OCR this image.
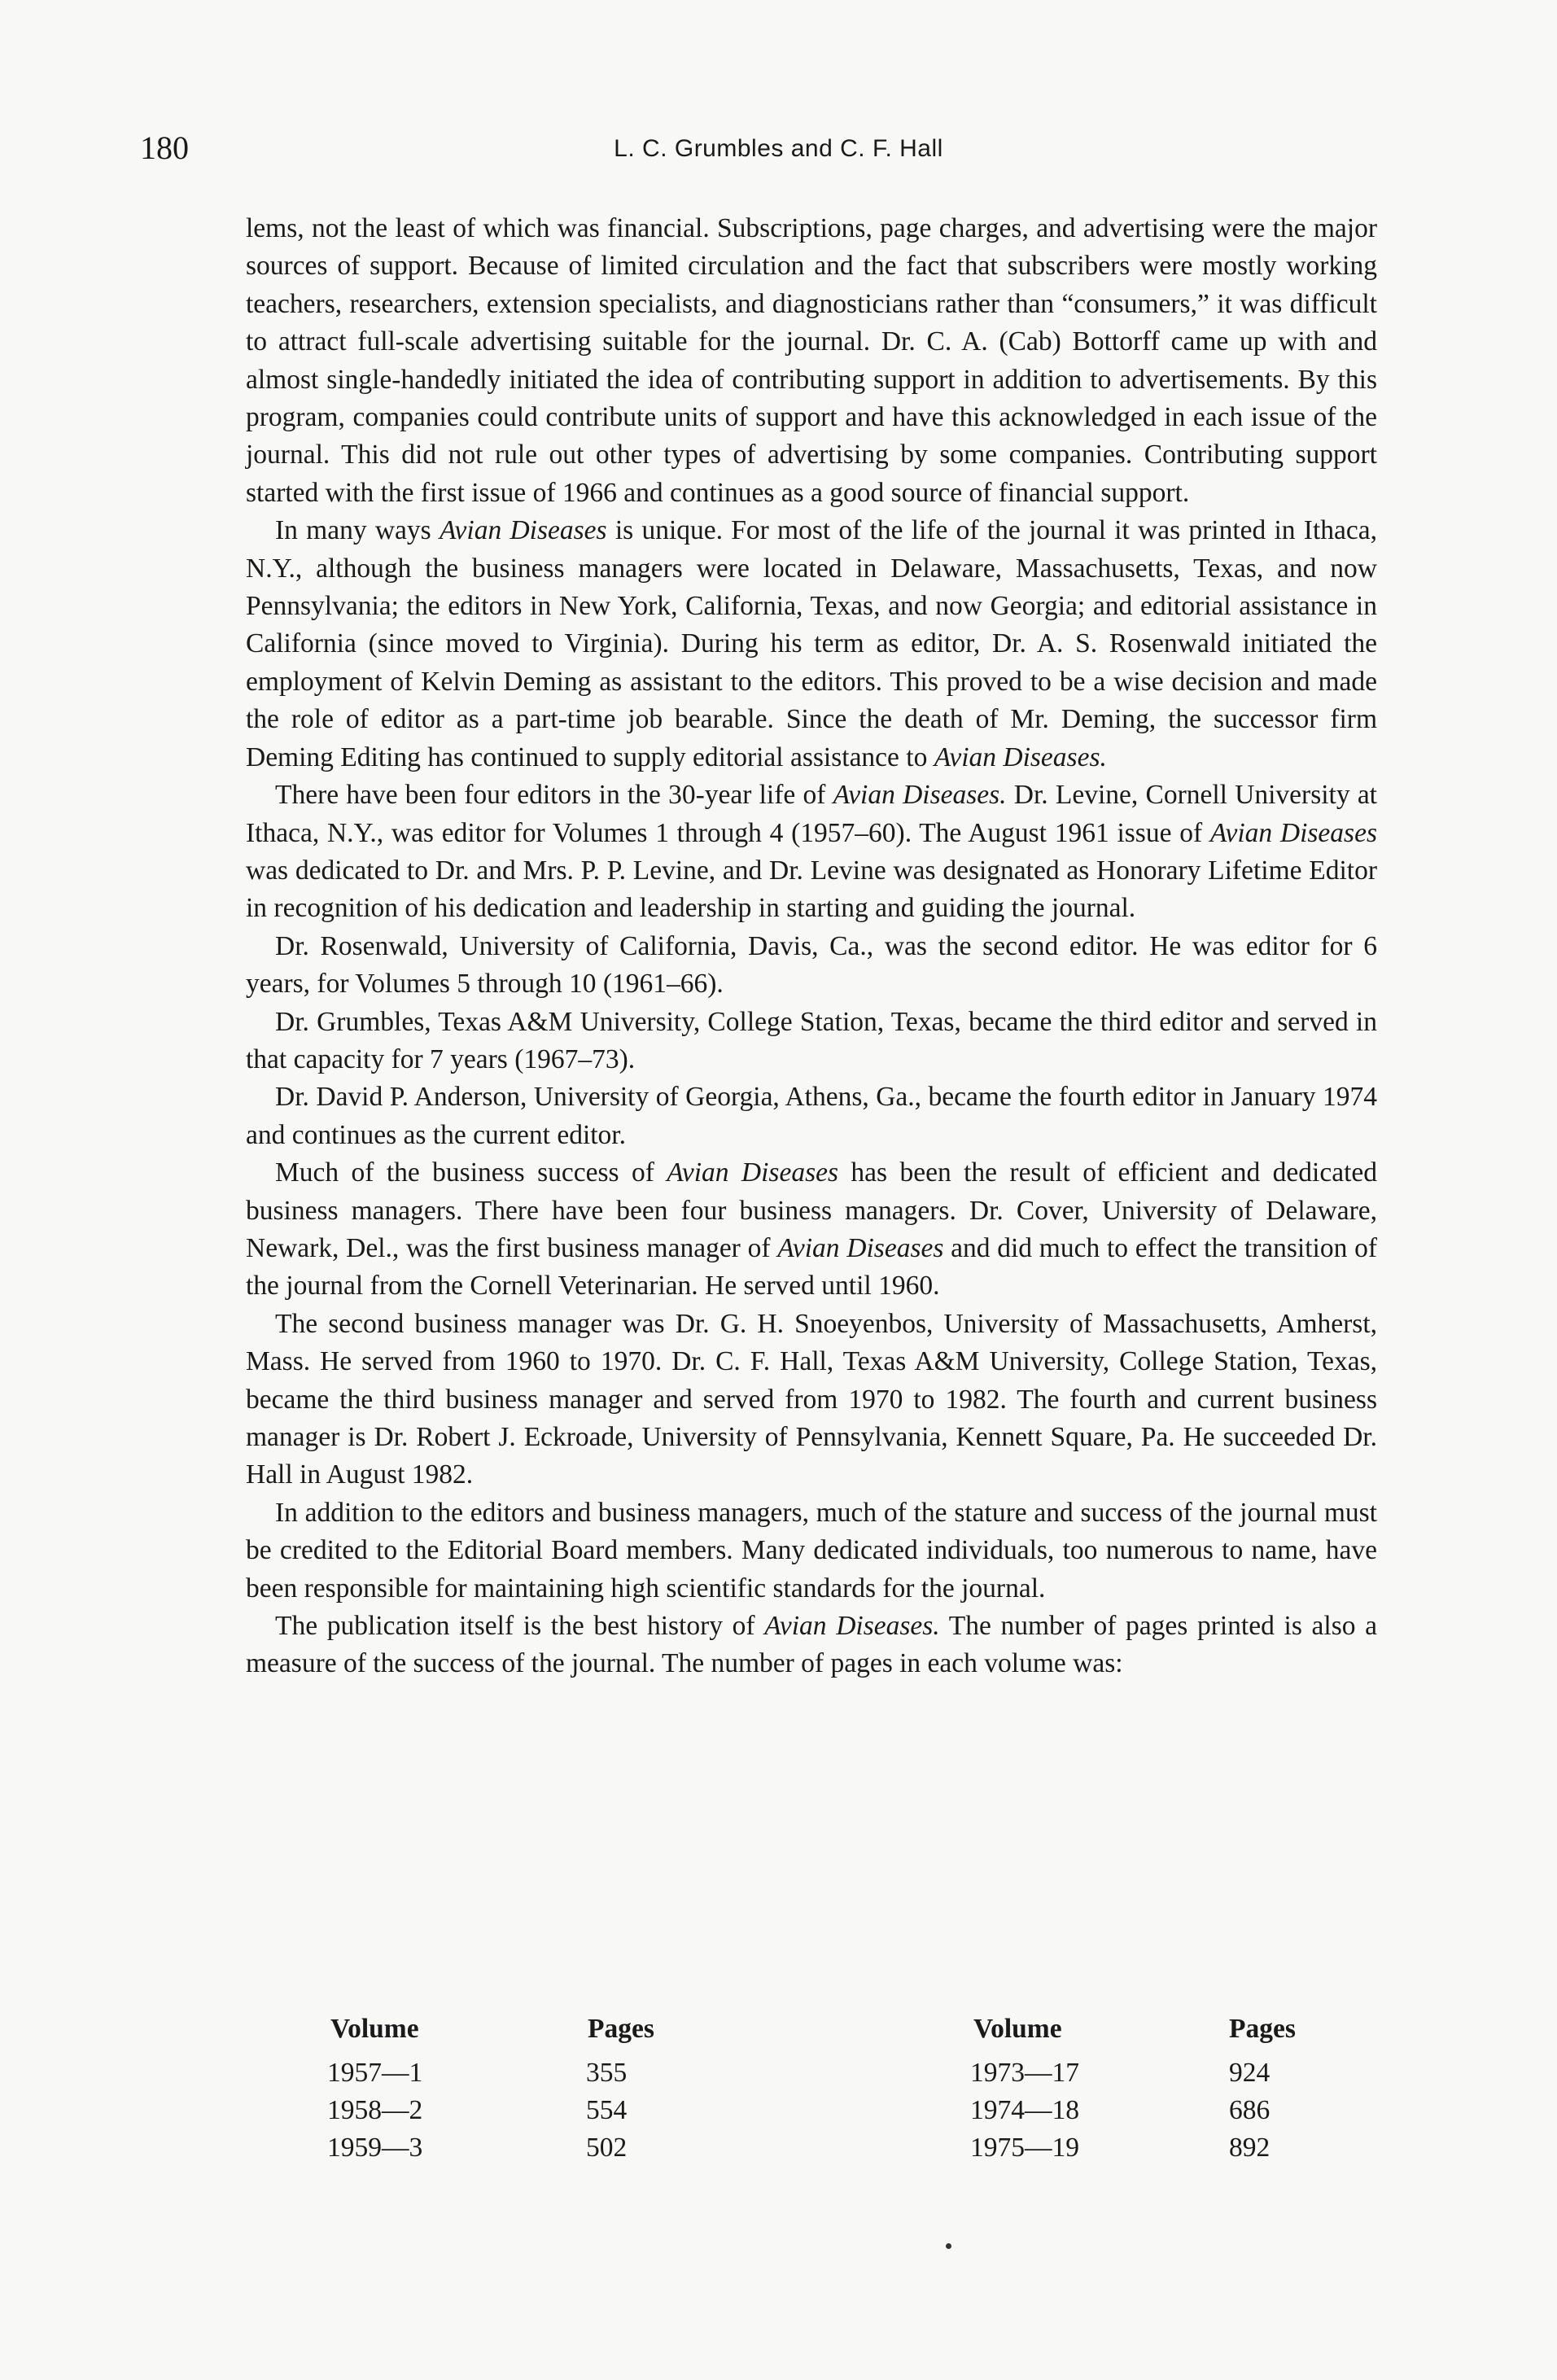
180	L. C. Grumbles and C. F. Hall

lems, not the least of which was financial. Subscriptions, page charges, and advertising were the major sources of support. Because of limited circulation and the fact that subscribers were mostly working teachers, researchers, extension specialists, and diagnosticians rather than “consumers,” it was difficult to attract full-scale advertising suitable for the journal. Dr. C. A. (Cab) Bottorff came up with and almost single-handedly initiated the idea of contributing support in addition to advertisements. By this program, companies could contribute units of support and have this acknowledged in each issue of the journal. This did not rule out other types of advertising by some companies. Contributing support started with the first issue of 1966 and continues as a good source of financial support.

In many ways Avian Diseases is unique. For most of the life of the journal it was printed in Ithaca, N.Y., although the business managers were located in Delaware, Massachusetts, Texas, and now Pennsylvania; the editors in New York, California, Texas, and now Georgia; and editorial assistance in California (since moved to Virginia). During his term as editor, Dr. A. S. Rosenwald initiated the employment of Kelvin Deming as assistant to the editors. This proved to be a wise decision and made the role of editor as a part-time job bearable. Since the death of Mr. Deming, the successor firm Deming Editing has continued to supply editorial assistance to Avian Diseases.

There have been four editors in the 30-year life of Avian Diseases. Dr. Levine, Cornell University at Ithaca, N.Y., was editor for Volumes 1 through 4 (1957–60). The August 1961 issue of Avian Diseases was dedicated to Dr. and Mrs. P. P. Levine, and Dr. Levine was designated as Honorary Lifetime Editor in recognition of his dedication and leadership in starting and guiding the journal.

Dr. Rosenwald, University of California, Davis, Ca., was the second editor. He was editor for 6 years, for Volumes 5 through 10 (1961–66).

Dr. Grumbles, Texas A&M University, College Station, Texas, became the third editor and served in that capacity for 7 years (1967–73).

Dr. David P. Anderson, University of Georgia, Athens, Ga., became the fourth editor in January 1974 and continues as the current editor.

Much of the business success of Avian Diseases has been the result of efficient and dedicated business managers. There have been four business managers. Dr. Cover, University of Delaware, Newark, Del., was the first business manager of Avian Diseases and did much to effect the transition of the journal from the Cornell Veterinarian. He served until 1960.

The second business manager was Dr. G. H. Snoeyenbos, University of Massachusetts, Amherst, Mass. He served from 1960 to 1970. Dr. C. F. Hall, Texas A&M University, College Station, Texas, became the third business manager and served from 1970 to 1982. The fourth and current business manager is Dr. Robert J. Eckroade, University of Pennsylvania, Kennett Square, Pa. He succeeded Dr. Hall in August 1982.

In addition to the editors and business managers, much of the stature and success of the journal must be credited to the Editorial Board members. Many dedicated individuals, too numerous to name, have been responsible for maintaining high scientific standards for the journal.

The publication itself is the best history of Avian Diseases. The number of pages printed is also a measure of the success of the journal. The number of pages in each volume was:

Volume	Pages	Volume	Pages
1957—1	355	1973—17	924
1958—2	554	1974—18	686
1959—3	502	1975—19	892
